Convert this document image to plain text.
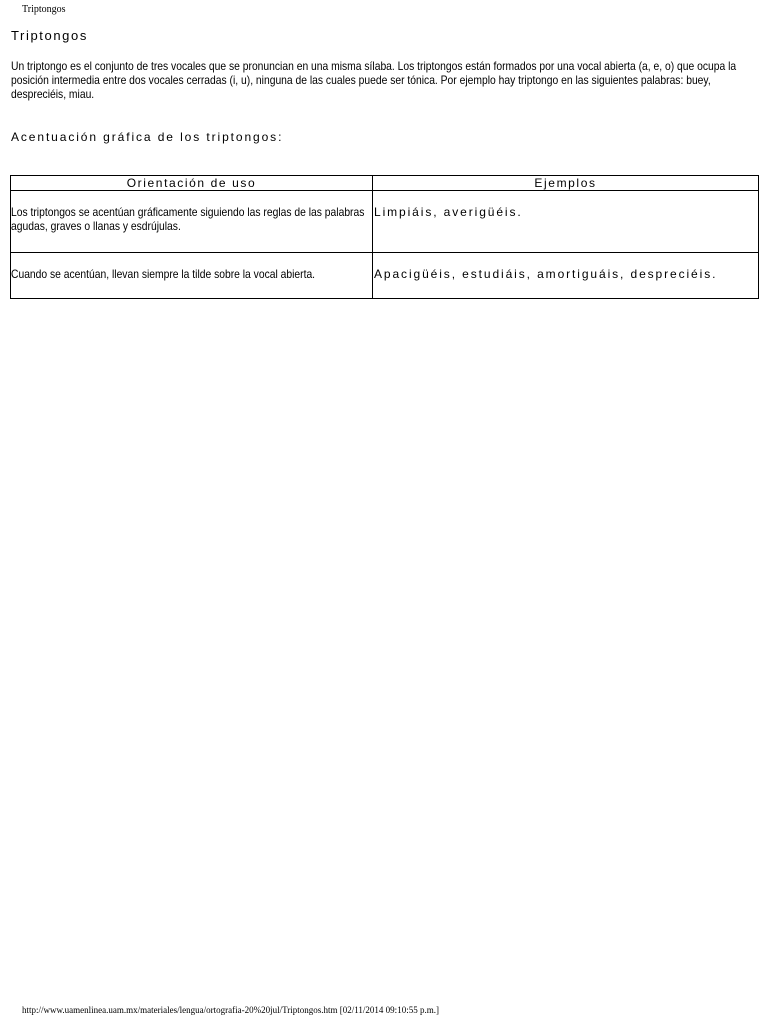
Triptongos
Triptongos

Un triptongo es el conjunto de tres vocales que se pronuncian en una misma sílaba. Los triptongos están formados por una vocal abierta (a, e, o) que ocupa la posición intermedia entre dos vocales cerradas (i, u), ninguna de las cuales puede ser tónica. Por ejemplo hay triptongo en las siguientes palabras: buey, despreciéis, miau.

Acentuación gráfica de los triptongos:
Orientación de uso	Ejemplos

Los triptongos se acentúan gráficamente siguiendo las reglas de las palabras agudas, graves o llanas y esdrújulas.	Limpiáis, averigüéis.

Cuando se acentúan, llevan siempre la tilde sobre la vocal abierta.	Apacigüéis, estudiáis, amortiguáis, despreciéis.
http://www.uamenlinea.uam.mx/materiales/lengua/ortografia-20%20jul/Triptongos.htm [02/11/2014 09:10:55 p.m.]
